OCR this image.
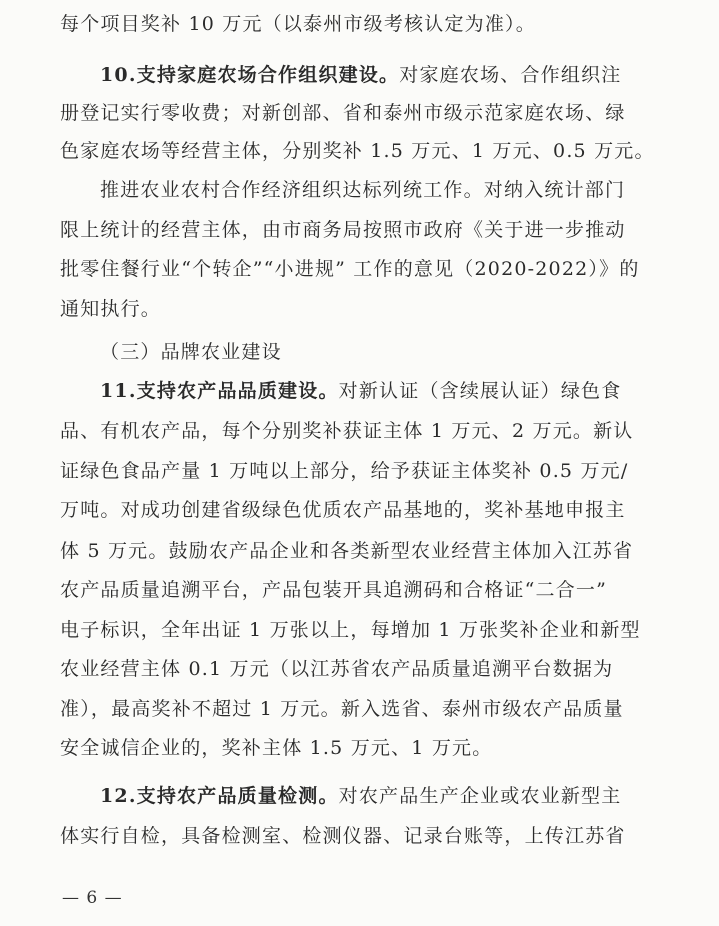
每个项目奖补 10 万元（以泰州市级考核认定为准）。
10.支持家庭农场合作组织建设。对家庭农场、合作组织注
册登记实行零收费；对新创部、省和泰州市级示范家庭农场、绿
色家庭农场等经营主体，分别奖补 1.5 万元、1 万元、0.5 万元。
推进农业农村合作经济组织达标列统工作。对纳入统计部门
限上统计的经营主体，由市商务局按照市政府《关于进一步推动
批零住餐行业“个转企”“小进规” 工作的意见（2020-2022）》的
通知执行。
（三）品牌农业建设
11.支持农产品品质建设。对新认证（含续展认证）绿色食
品、有机农产品，每个分别奖补获证主体 1 万元、2 万元。新认
证绿色食品产量 1 万吨以上部分，给予获证主体奖补 0.5 万元/
万吨。对成功创建省级绿色优质农产品基地的，奖补基地申报主
体 5 万元。鼓励农产品企业和各类新型农业经营主体加入江苏省
农产品质量追溯平台，产品包装开具追溯码和合格证“二合一”
电子标识，全年出证 1 万张以上，每增加 1 万张奖补企业和新型
农业经营主体 0.1 万元（以江苏省农产品质量追溯平台数据为
准），最高奖补不超过 1 万元。新入选省、泰州市级农产品质量
安全诚信企业的，奖补主体 1.5 万元、1 万元。
12.支持农产品质量检测。对农产品生产企业或农业新型主
体实行自检，具备检测室、检测仪器、记录台账等，上传江苏省
— 6 —
